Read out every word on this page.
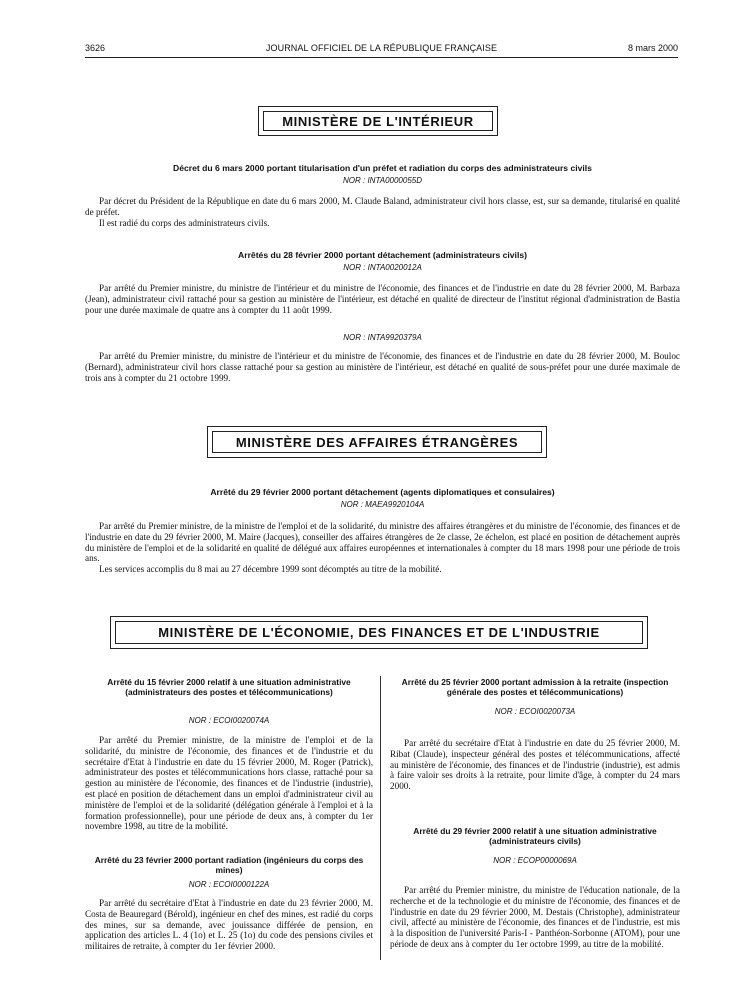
3626	JOURNAL OFFICIEL DE LA RÉPUBLIQUE FRANÇAISE	8 mars 2000
MINISTÈRE DE L'INTÉRIEUR
Décret du 6 mars 2000 portant titularisation d'un préfet et radiation du corps des administrateurs civils
NOR : INTA0000055D

Par décret du Président de la République en date du 6 mars 2000, M. Claude Baland, administrateur civil hors classe, est, sur sa demande, titularisé en qualité de préfet.

Il est radié du corps des administrateurs civils.

Arrêtés du 28 février 2000 portant détachement (administrateurs civils)
NOR : INTA0020012A

Par arrêté du Premier ministre, du ministre de l'intérieur et du ministre de l'économie, des finances et de l'industrie en date du 28 février 2000, M. Barbaza (Jean), administrateur civil rattaché pour sa gestion au ministère de l'intérieur, est détaché en qualité de directeur de l'institut régional d'administration de Bastia pour une durée maximale de quatre ans à compter du 11 août 1999.

NOR : INTA9920379A

Par arrêté du Premier ministre, du ministre de l'intérieur et du ministre de l'économie, des finances et de l'industrie en date du 28 février 2000, M. Bouloc (Bernard), administrateur civil hors classe rattaché pour sa gestion au ministère de l'intérieur, est détaché en qualité de sous-préfet pour une durée maximale de trois ans à compter du 21 octobre 1999.

MINISTÈRE DES AFFAIRES ÉTRANGÈRES
Arrêté du 29 février 2000 portant détachement (agents diplomatiques et consulaires)
NOR : MAEA9920104A

Par arrêté du Premier ministre, de la ministre de l'emploi et de la solidarité, du ministre des affaires étrangères et du ministre de l'économie, des finances et de l'industrie en date du 29 février 2000, M. Maire (Jacques), conseiller des affaires étrangères de 2e classe, 2e échelon, est placé en position de détachement auprès du ministère de l'emploi et de la solidarité en qualité de délégué aux affaires européennes et internationales à compter du 18 mars 1998 pour une période de trois ans.

Les services accomplis du 8 mai au 27 décembre 1999 sont décomptés au titre de la mobilité.

MINISTÈRE DE L'ÉCONOMIE, DES FINANCES ET DE L'INDUSTRIE
Arrêté du 15 février 2000 relatif à une situation administrative (administrateurs des postes et télécommunications)
NOR : ECOI0020074A

Par arrêté du Premier ministre, de la ministre de l'emploi et de la solidarité, du ministre de l'économie, des finances et de l'industrie et du secrétaire d'Etat à l'industrie en date du 15 février 2000, M. Roger (Patrick), administrateur des postes et télécommunications hors classe, rattaché pour sa gestion au ministère de l'économie, des finances et de l'industrie (industrie), est placé en position de détachement dans un emploi d'administrateur civil au ministère de l'emploi et de la solidarité (délégation générale à l'emploi et à la formation professionnelle), pour une période de deux ans, à compter du 1er novembre 1998, au titre de la mobilité.

Arrêté du 23 février 2000 portant radiation (ingénieurs du corps des mines)
NOR : ECOI0000122A

Par arrêté du secrétaire d'Etat à l'industrie en date du 23 février 2000, M. Costa de Beauregard (Bérold), ingénieur en chef des mines, est radié du corps des mines, sur sa demande, avec jouissance différée de pension, en application des articles L. 4 (1o) et L. 25 (1o) du code des pensions civiles et militaires de retraite, à compter du 1er février 2000.

Arrêté du 25 février 2000 portant admission à la retraite (inspection générale des postes et télécommunications)
NOR : ECOI0020073A

Par arrêté du secrétaire d'Etat à l'industrie en date du 25 février 2000, M. Ribat (Claude), inspecteur général des postes et télécommunications, affecté au ministère de l'économie, des finances et de l'industrie (industrie), est admis à faire valoir ses droits à la retraite, pour limite d'âge, à compter du 24 mars 2000.

Arrêté du 29 février 2000 relatif à une situation administrative (administrateurs civils)
NOR : ECOP0000069A

Par arrêté du Premier ministre, du ministre de l'éducation nationale, de la recherche et de la technologie et du ministre de l'économie, des finances et de l'industrie en date du 29 février 2000, M. Destais (Christophe), administrateur civil, affecté au ministère de l'économie, des finances et de l'industrie, est mis à la disposition de l'université Paris-I - Panthéon-Sorbonne (ATOM), pour une période de deux ans à compter du 1er octobre 1999, au titre de la mobilité.
